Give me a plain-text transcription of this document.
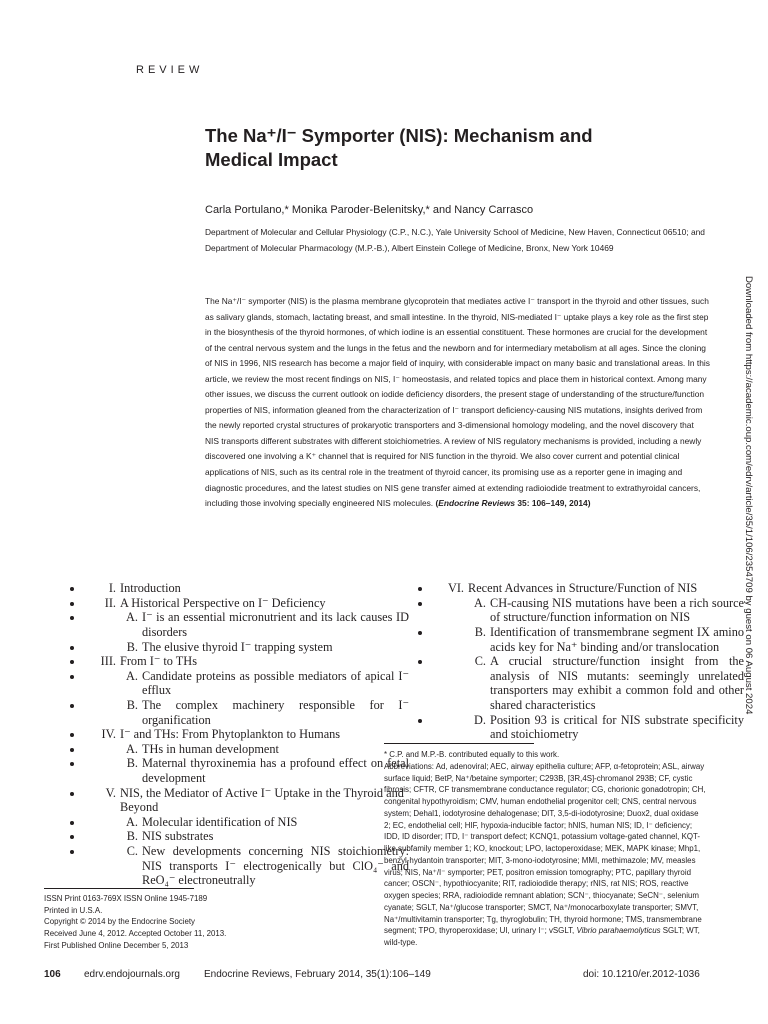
REVIEW
The Na⁺/I⁻ Symporter (NIS): Mechanism and Medical Impact
Carla Portulano,* Monika Paroder-Belenitsky,* and Nancy Carrasco
Department of Molecular and Cellular Physiology (C.P., N.C.), Yale University School of Medicine, New Haven, Connecticut 06510; and Department of Molecular Pharmacology (M.P.-B.), Albert Einstein College of Medicine, Bronx, New York 10469
The Na⁺/I⁻ symporter (NIS) is the plasma membrane glycoprotein that mediates active I⁻ transport in the thyroid and other tissues, such as salivary glands, stomach, lactating breast, and small intestine. In the thyroid, NIS-mediated I⁻ uptake plays a key role as the first step in the biosynthesis of the thyroid hormones, of which iodine is an essential constituent. These hormones are crucial for the development of the central nervous system and the lungs in the fetus and the newborn and for intermediary metabolism at all ages. Since the cloning of NIS in 1996, NIS research has become a major field of inquiry, with considerable impact on many basic and translational areas. In this article, we review the most recent findings on NIS, I⁻ homeostasis, and related topics and place them in historical context. Among many other issues, we discuss the current outlook on iodide deficiency disorders, the present stage of understanding of the structure/function properties of NIS, information gleaned from the characterization of I⁻ transport deficiency-causing NIS mutations, insights derived from the newly reported crystal structures of prokaryotic transporters and 3-dimensional homology modeling, and the novel discovery that NIS transports different substrates with different stoichiometries. A review of NIS regulatory mechanisms is provided, including a newly discovered one involving a K⁺ channel that is required for NIS function in the thyroid. We also cover current and potential clinical applications of NIS, such as its central role in the treatment of thyroid cancer, its promising use as a reporter gene in imaging and diagnostic procedures, and the latest studies on NIS gene transfer aimed at extending radioiodide treatment to extrathyroidal cancers, including those involving specially engineered NIS molecules. (Endocrine Reviews 35: 106–149, 2014)	Downloaded from https://academic.oup.com/edrv/article/35/1/106/2354709 by guest on 06 August 2024
• I. Introduction
• II. A Historical Perspective on I⁻ Deficiency
• A. I⁻ is an essential micronutrient and its lack causes ID disorders
• B. The elusive thyroid I⁻ trapping system
• III. From I⁻ to THs
• A. Candidate proteins as possible mediators of apical I⁻ efflux
• B. The complex machinery responsible for I⁻ organification
• IV. I⁻ and THs: From Phytoplankton to Humans
• A. THs in human development
• B. Maternal thyroxinemia has a profound effect on fetal development
• V. NIS, the Mediator of Active I⁻ Uptake in the Thyroid and Beyond
• A. Molecular identification of NIS
• B. NIS substrates
• C. New developments concerning NIS stoichiometry: NIS transports I⁻ electrogenically but ClO₄⁻ and ReO₄⁻ electroneutrally
• VI. Recent Advances in Structure/Function of NIS
• A. CH-causing NIS mutations have been a rich source of structure/function information on NIS
• B. Identification of transmembrane segment IX amino acids key for Na⁺ binding and/or translocation
• C. A crucial structure/function insight from the analysis of NIS mutants: seemingly unrelated transporters may exhibit a common fold and other shared characteristics
• D. Position 93 is critical for NIS substrate specificity and stoichiometry
ISSN Print 0163-769X ISSN Online 1945-7189
Printed in U.S.A.
Copyright © 2014 by the Endocrine Society
Received June 4, 2012. Accepted October 11, 2013.
First Published Online December 5, 2013
* C.P. and M.P.-B. contributed equally to this work.
Abbreviations: Ad, adenoviral; AEC, airway epithelia culture; AFP, α-fetoprotein; ASL, airway surface liquid; BetP, Na⁺/betaine symporter; C293B, [3R,4S]-chromanol 293B; CF, cystic fibrosis; CFTR, CF transmembrane conductance regulator; CG, chorionic gonadotropin; CH, congenital hypothyroidism; CMV, human endothelial progenitor cell; CNS, central nervous system; Dehal1, iodotyrosine dehalogenase; DIT, 3,5-di-iodotyrosine; Duox2, dual oxidase 2; EC, endothelial cell; HIF, hypoxia-inducible factor; hNIS, human NIS; ID, I⁻ deficiency; IDD, ID disorder; ITD, I⁻ transport defect; KCNQ1, potassium voltage-gated channel, KQT-like subfamily member 1; KO, knockout; LPO, lactoperoxidase; MEK, MAPK kinase; Mhp1, benzyl-hydantoin transporter; MIT, 3-mono-iodotyrosine; MMI, methimazole; MV, measles virus; NIS, Na⁺/I⁻ symporter; PET, positron emission tomography; PTC, papillary thyroid cancer; OSCN⁻, hypothiocyanite; RIT, radioiodide therapy; rNIS, rat NIS; ROS, reactive oxygen species; RRA, radioiodide remnant ablation; SCN⁻, thiocyanate; SeCN⁻, selenium cyanate; SGLT, Na⁺/glucose transporter; SMCT, Na⁺/monocarboxylate transporter; SMVT, Na⁺/multivitamin transporter; Tg, thyroglobulin; TH, thyroid hormone; TMS, transmembrane segment; TPO, thyroperoxidase; UI, urinary I⁻; vSGLT, Vibrio parahaemolyticus SGLT; WT, wild-type.
106 edrv.endojournals.org Endocrine Reviews, February 2014, 35(1):106–149	doi: 10.1210/er.2012-1036
